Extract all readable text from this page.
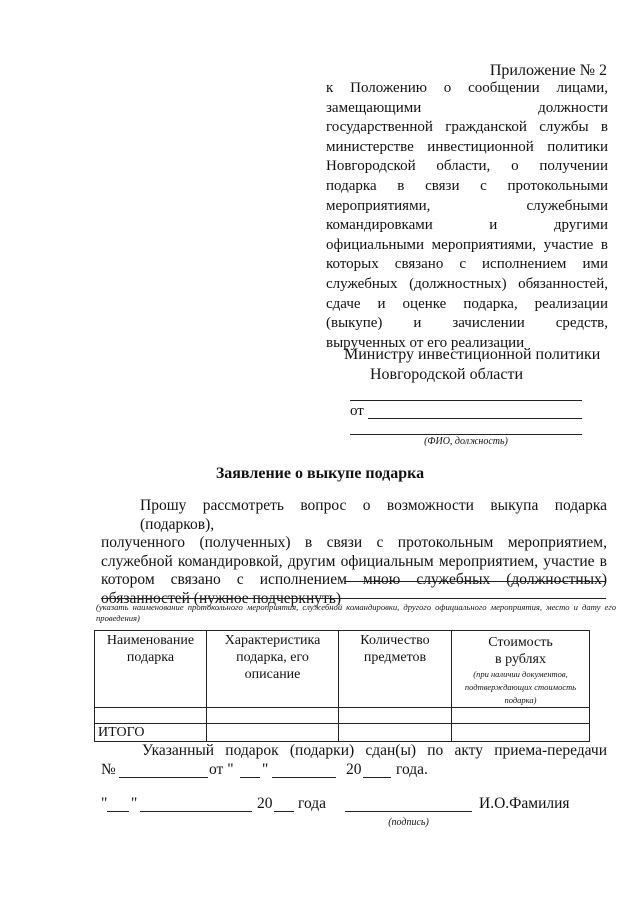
Приложение № 2
к Положению о сообщении лицами,
замещающими должности
государственной гражданской службы в
министерстве инвестиционной политики
Новгородской области, о получении
подарка в связи с протокольными
мероприятиями, служебными
командировками и другими
официальными мероприятиями, участие в
которых связано с исполнением ими
служебных (должностных) обязанностей,
сдаче и оценке подарка, реализации
(выкупе) и зачислении средств,
вырученных от его реализации
Министру инвестиционной политики
Новгородской области
от
(ФИО, должность)
Заявление о выкупе подарка
Прошу рассмотреть вопрос о возможности выкупа подарка (подарков),
полученного (полученных) в связи с протокольным мероприятием,
служебной командировкой, другим официальным мероприятием, участие в
котором связано с исполнением мною служебных (должностных)
обязанностей (нужное подчеркнуть)
(указать наименование протокольного мероприятия, служебной командировки, другого официального мероприятия, место и дату его проведения)
Наименование подарка	Характеристика подарка, его описание	Количество предметов	Стоимость в рублях
(при наличии документов, подтверждающих стоимость подарка)

ИТОГО			
Указанный подарок (подарки) сдан(ы) по акту приема-передачи
№	от " "	20 года.
" "	20 года	И.О.Фамилия
(подпись)
